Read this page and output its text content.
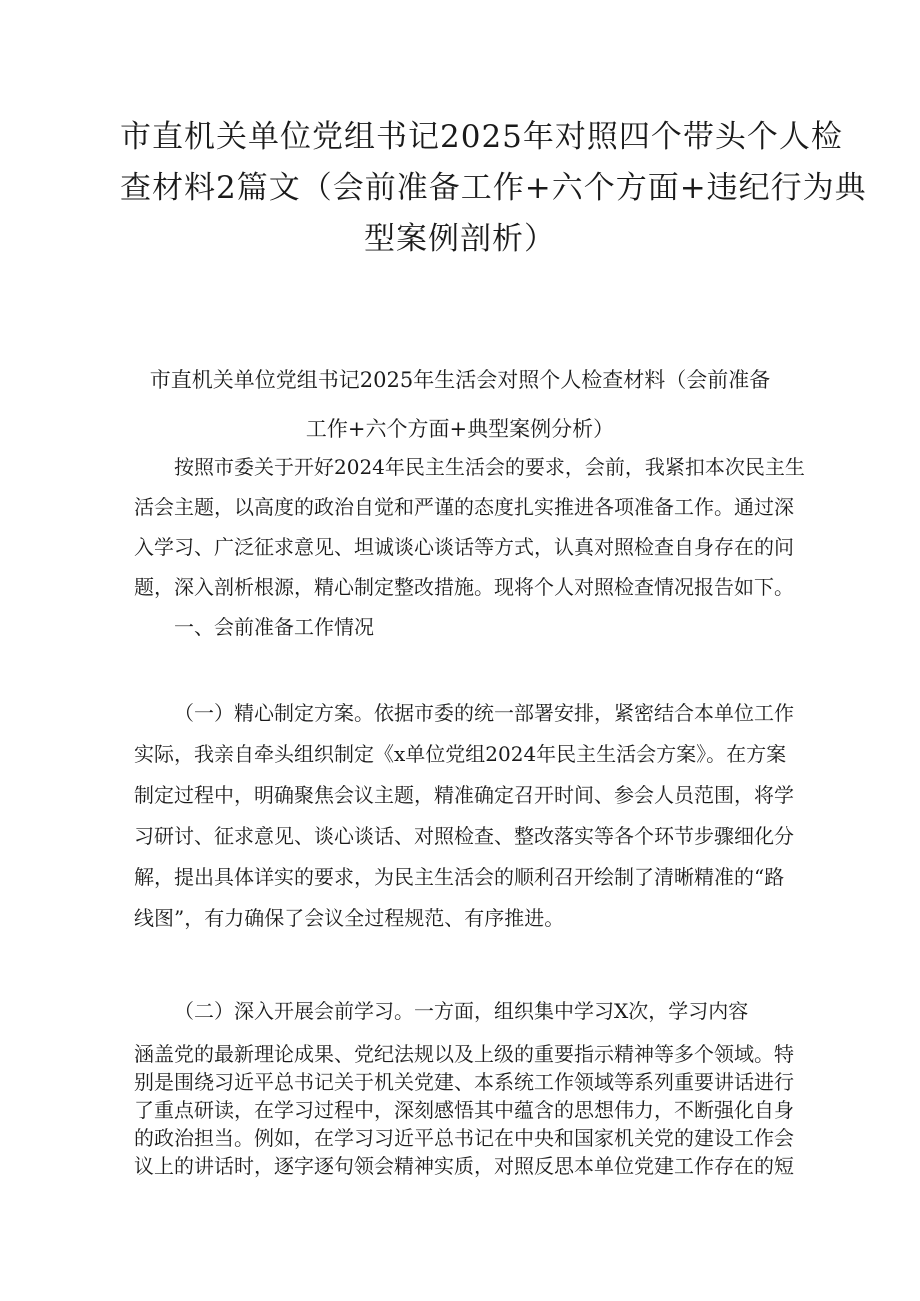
市直机关单位党组书记2025年对照四个带头个人检
查材料2篇文（会前准备工作+六个方面+违纪行为典
型案例剖析）
市直机关单位党组书记2025年生活会对照个人检查材料（会前准备
工作+六个方面+典型案例分析）
按照市委关于开好2024年民主生活会的要求，会前，我紧扣本次民主生
活会主题，以高度的政治自觉和严谨的态度扎实推进各项准备工作。通过深
入学习、广泛征求意见、坦诚谈心谈话等方式，认真对照检查自身存在的问
题，深入剖析根源，精心制定整改措施。现将个人对照检查情况报告如下。
一、会前准备工作情况
（一）精心制定方案。依据市委的统一部署安排，紧密结合本单位工作
实际，我亲自牵头组织制定《x单位党组2024年民主生活会方案》。在方案
制定过程中，明确聚焦会议主题，精准确定召开时间、参会人员范围，将学
习研讨、征求意见、谈心谈话、对照检查、整改落实等各个环节步骤细化分
解，提出具体详实的要求，为民主生活会的顺利召开绘制了清晰精准的“路
线图”，有力确保了会议全过程规范、有序推进。
（二）深入开展会前学习。一方面，组织集中学习X次，学习内容
涵盖党的最新理论成果、党纪法规以及上级的重要指示精神等多个领域。特
别是围绕习近平总书记关于机关党建、本系统工作领域等系列重要讲话进行
了重点研读，在学习过程中，深刻感悟其中蕴含的思想伟力，不断强化自身
的政治担当。例如，在学习习近平总书记在中央和国家机关党的建设工作会
议上的讲话时，逐字逐句领会精神实质，对照反思本单位党建工作存在的短
